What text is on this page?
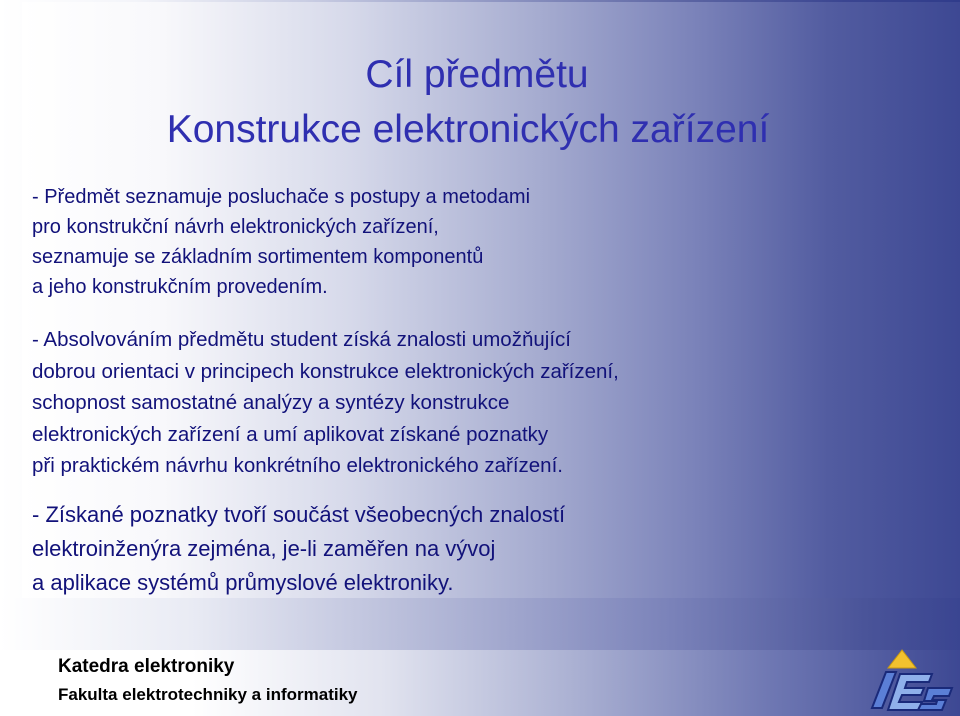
Cíl předmětu
Konstrukce elektronických zařízení

- Předmět seznamuje posluchače s postupy a metodami
pro konstrukční návrh elektronických zařízení,
seznamuje se základním sortimentem komponentů
a jeho konstrukčním provedením.

- Absolvováním předmětu student získá znalosti umožňující
dobrou orientaci v principech konstrukce elektronických zařízení,
schopnost samostatné analýzy a syntézy konstrukce
elektronických zařízení a umí aplikovat získané poznatky
při praktickém návrhu konkrétního elektronického zařízení.

- Získané poznatky tvoří součást všeobecných znalostí
elektroinženýra zejména, je-li zaměřen na vývoj
a aplikace systémů průmyslové elektroniky.

Katedra elektroniky
Fakulta elektrotechniky a informatiky
